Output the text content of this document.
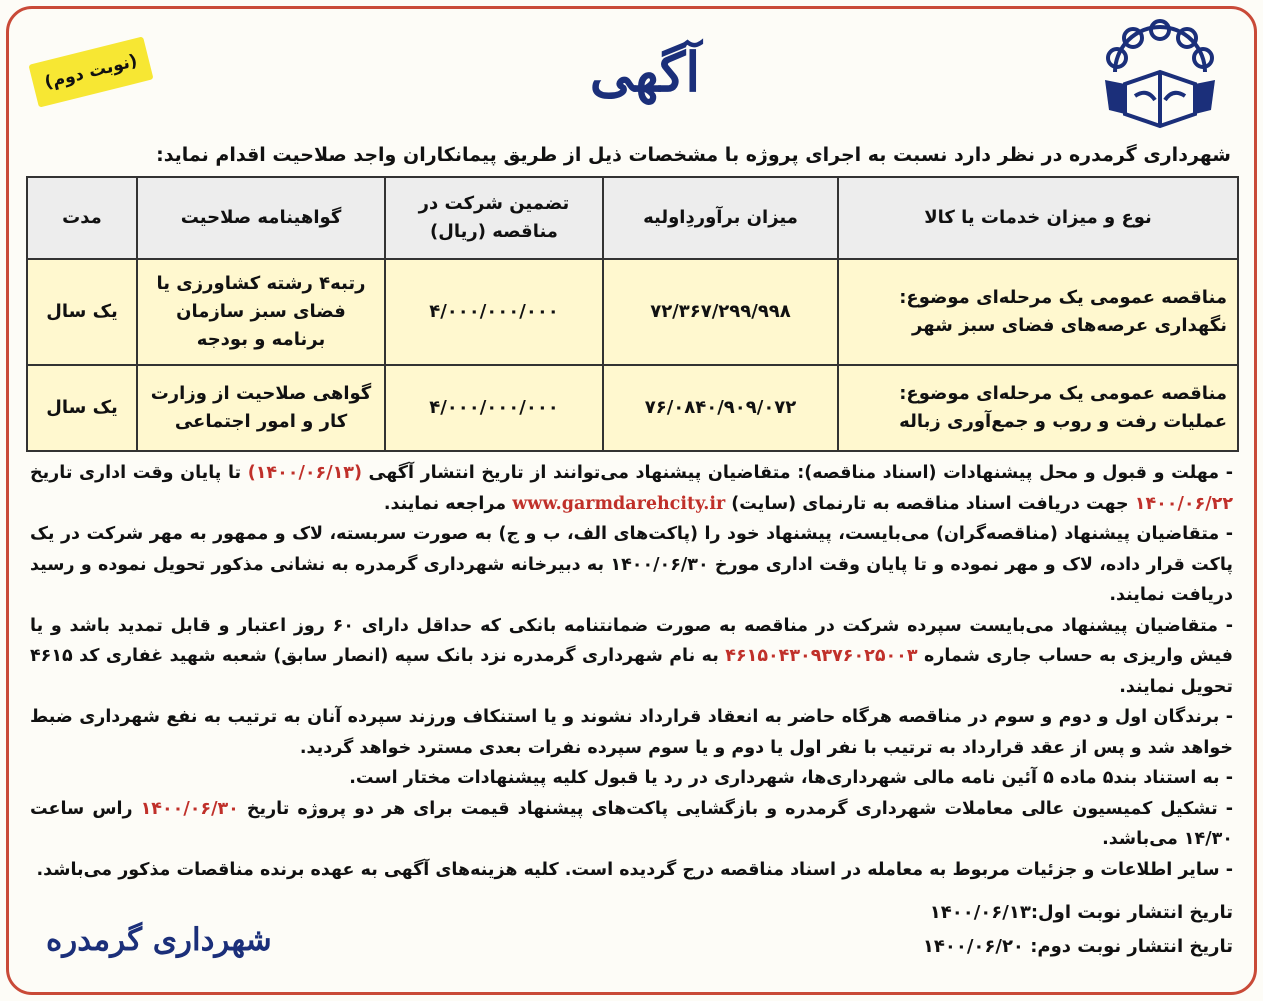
آگهی
(نوبت دوم)
شهرداری گرمدره در نظر دارد نسبت به اجرای پروژه با مشخصات ذیل از طریق پیمانکاران واجد صلاحیت اقدام نماید:
نوع و میزان خدمات یا کالا	میزان برآوردِاولیه	تضمین شرکت در مناقصه (ریال)	گواهینامه صلاحیت	مدت
مناقصه عمومی یک مرحله‌ای موضوع: نگهداری عرصه‌های فضای سبز شهر	۷۲/۳۶۷/۲۹۹/۹۹۸	۴/۰۰۰/۰۰۰/۰۰۰	رتبه۴ رشته کشاورزی یا فضای سبز سازمان برنامه و بودجه	یک سال
مناقصه عمومی یک مرحله‌ای موضوع: عملیات رفت و روب و جمع‌آوری زباله	۷۶/۰۸۴۰/۹۰۹/۰۷۲	۴/۰۰۰/۰۰۰/۰۰۰	گواهی صلاحیت از وزارت کار و امور اجتماعی	یک سال

- مهلت و قبول و محل پیشنهادات (اسناد مناقصه): متقاضیان پیشنهاد می‌توانند از تاریخ انتشار آگهی (۱۴۰۰/۰۶/۱۳) تا پایان وقت اداری تاریخ ۱۴۰۰/۰۶/۲۲ جهت دریافت اسناد مناقصه به تارنمای (سایت) www.garmdarehcity.ir مراجعه نمایند.

- متقاضیان پیشنهاد (مناقصه‌گران) می‌بایست، پیشنهاد خود را (پاکت‌های الف، ب و ج) به صورت سربسته، لاک و ممهور به مهر شرکت در یک پاکت قرار داده، لاک و مهر نموده و تا پایان وقت اداری مورخ ۱۴۰۰/۰۶/۳۰ به دبیرخانه شهرداری گرمدره به نشانی مذکور تحویل نموده و رسید دریافت نمایند.

- متقاضیان پیشنهاد می‌بایست سپرده شرکت در مناقصه به صورت ضمانتنامه بانکی که حداقل دارای ۶۰ روز اعتبار و قابل تمدید باشد و یا فیش واریزی به حساب جاری شماره ۴۶۱۵۰۴۳۰۹۳۷۶۰۲۵۰۰۳ به نام شهرداری گرمدره نزد بانک سپه (انصار سابق) شعبه شهید غفاری کد ۴۶۱۵ تحویل نمایند.

- برندگان اول و دوم و سوم در مناقصه هرگاه حاضر به انعقاد قرارداد نشوند و یا استنکاف ورزند سپرده آنان به ترتیب به نفع شهرداری ضبط خواهد شد و پس از عقد قرارداد به ترتیب با نفر اول یا دوم و یا سوم سپرده نفرات بعدی مسترد خواهد گردید.

- به استناد بند۵ ماده ۵ آئین نامه مالی شهرداری‌ها، شهرداری در رد یا قبول کلیه پیشنهادات مختار است.

- تشکیل کمیسیون عالی معاملات شهرداری گرمدره و بازگشایی پاکت‌های پیشنهاد قیمت برای هر دو پروژه تاریخ ۱۴۰۰/۰۶/۳۰ راس ساعت ۱۴/۳۰ می‌باشد.

- سایر اطلاعات و جزئیات مربوط به معامله در اسناد مناقصه درج گردیده است. کلیه هزینه‌های آگهی به عهده برنده مناقصات مذکور می‌باشد.

تاریخ انتشار نوبت اول:۱۴۰۰/۰۶/۱۳
تاریخ انتشار نوبت دوم: ۱۴۰۰/۰۶/۲۰
شهرداری گرمدره
